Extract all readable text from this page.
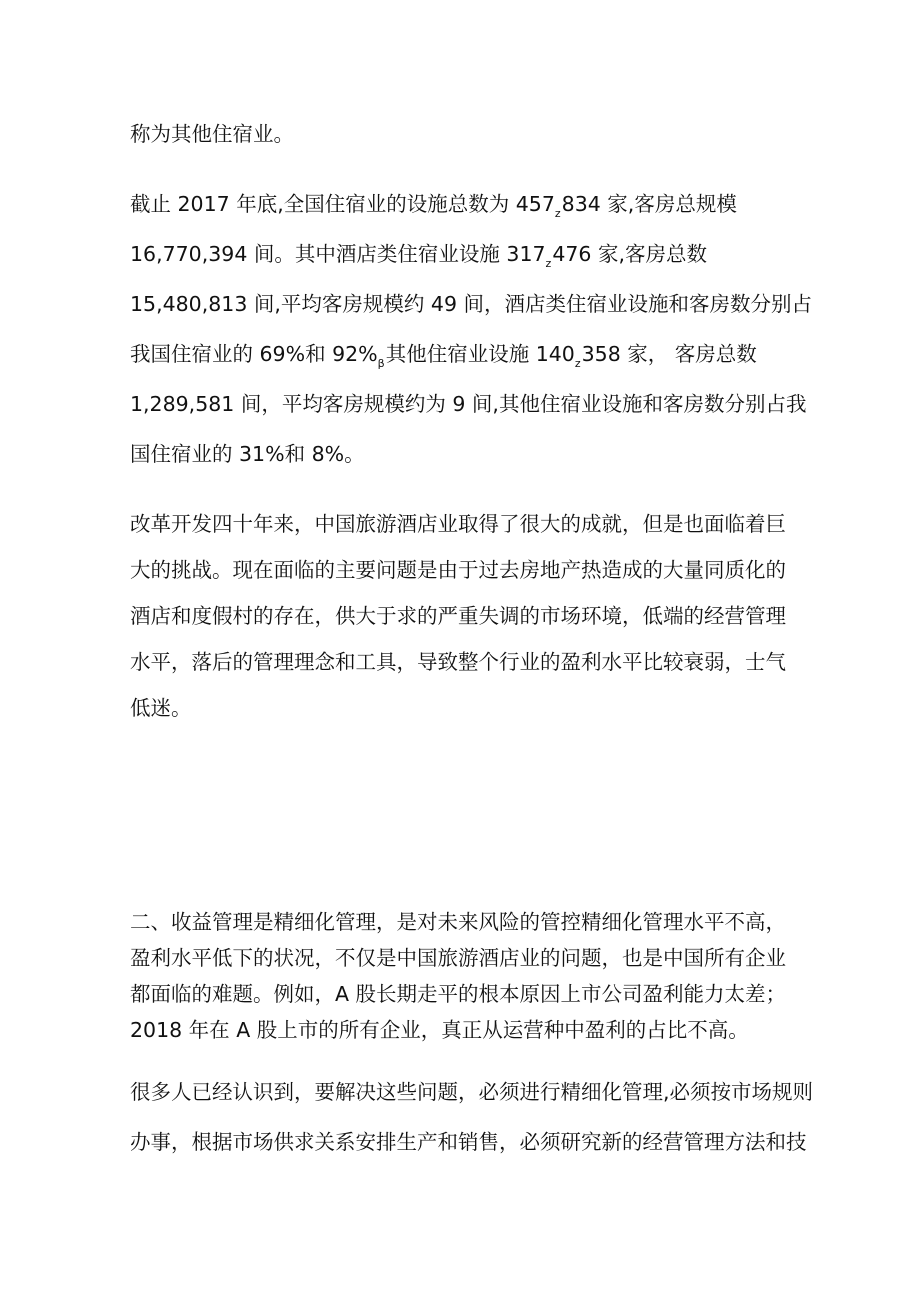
称为其他住宿业。

截止 2017 年底,全国住宿业的设施总数为 $457_z834$ 家,客房总规模

16,770,394 间。其中酒店类住宿业设施 $317_z476$ 家,客房总数

15,480,813 间,平均客房规模约 49 间，酒店类住宿业设施和客房数分别占

我国住宿业的 69%和 $92\%_\beta$其他住宿业设施 $140_z358$ 家， 客房总数

1,289,581 间，平均客房规模约为 9 间,其他住宿业设施和客房数分别占我

国住宿业的 31%和 8%。

改革开发四十年来，中国旅游酒店业取得了很大的成就，但是也面临着巨

大的挑战。现在面临的主要问题是由于过去房地产热造成的大量同质化的

酒店和度假村的存在，供大于求的严重失调的市场环境，低端的经营管理

水平，落后的管理理念和工具，导致整个行业的盈利水平比较衰弱，士气

低迷。

二、收益管理是精细化管理，是对未来风险的管控精细化管理水平不高，

盈利水平低下的状况，不仅是中国旅游酒店业的问题，也是中国所有企业

都面临的难题。例如，A 股长期走平的根本原因上市公司盈利能力太差；

2018 年在 A 股上市的所有企业，真正从运营种中盈利的占比不高。

很多人已经认识到，要解决这些问题，必须进行精细化管理,必须按市场规则

办事，根据市场供求关系安排生产和销售，必须研究新的经营管理方法和技
